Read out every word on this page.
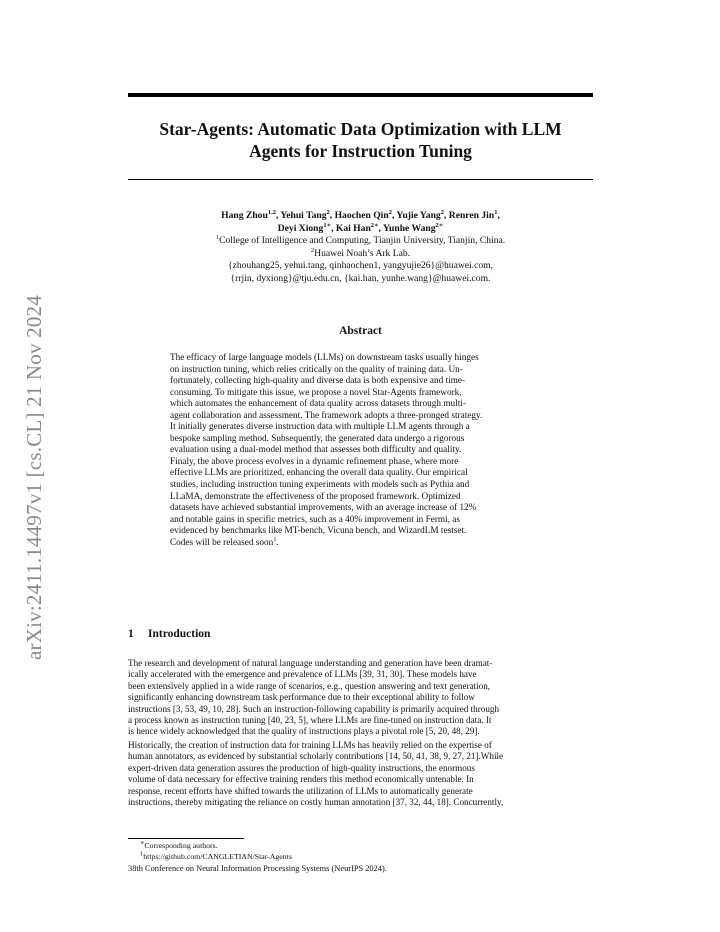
arXiv:2411.14497v1 [cs.CL] 21 Nov 2024
Star-Agents: Automatic Data Optimization with LLM
Agents for Instruction Tuning
Hang Zhou$^{1,2}$, Yehui Tang$^2$, Haochen Qin$^2$, Yujie Yang$^2$, Renren Jin$^1$,
Deyi Xiong$^{1∗}$, Kai Han$^{2∗}$, Yunhe Wang$^{2∗}$
$^1$College of Intelligence and Computing, Tianjin University, Tianjin, China.
$^2$Huawei Noah’s Ark Lab.
{zhouhang25, yehui.tang, qinhaochen1, yangyujie26}@huawei.com,
{rrjin, dyxiong}@tju.edu.cn, {kai.han, yunhe.wang}@huawei.com.
Abstract
The efficacy of large language models (LLMs) on downstream tasks usually hinges
on instruction tuning, which relies critically on the quality of training data. Un-
fortunately, collecting high-quality and diverse data is both expensive and time-
consuming. To mitigate this issue, we propose a novel Star-Agents framework,
which automates the enhancement of data quality across datasets through multi-
agent collaboration and assessment. The framework adopts a three-pronged strategy.
It initially generates diverse instruction data with multiple LLM agents through a
bespoke sampling method. Subsequently, the generated data undergo a rigorous
evaluation using a dual-model method that assesses both difficulty and quality.
Finaly, the above process evolves in a dynamic refinement phase, where more
effective LLMs are prioritized, enhancing the overall data quality. Our empirical
studies, including instruction tuning experiments with models such as Pythia and
LLaMA, demonstrate the effectiveness of the proposed framework. Optimized
datasets have achieved substantial improvements, with an average increase of 12%
and notable gains in specific metrics, such as a 40% improvement in Fermi, as
evidenced by benchmarks like MT-bench, Vicuna bench, and WizardLM testset.
Codes will be released soon$^1$.
1 Introduction
The research and development of natural language understanding and generation have been dramat-
ically accelerated with the emergence and prevalence of LLMs [39, 31, 30]. These models have
been extensively applied in a wide range of scenarios, e.g., question answering and text generation,
significantly enhancing downstream task performance due to their exceptional ability to follow
instructions [3, 53, 49, 10, 28]. Such an instruction-following capability is primarily acquired through
a process known as instruction tuning [40, 23, 5], where LLMs are fine-tuned on instruction data. It
is hence widely acknowledged that the quality of instructions plays a pivotal role [5, 20, 48, 29].
Historically, the creation of instruction data for training LLMs has heavily relied on the expertise of
human annotators, as evidenced by substantial scholarly contributions [14, 50, 41, 38, 9, 27, 21].While
expert-driven data generation assures the production of high-quality instructions, the enormous
volume of data necessary for effective training renders this method economically untenable. In
response, recent efforts have shifted towards the utilization of LLMs to automatically generate
instructions, thereby mitigating the reliance on costly human annotation [37, 32, 44, 18]. Concurrently,
∗Corresponding authors.
$^1$https://github.com/CANGLETIAN/Star-Agents
38th Conference on Neural Information Processing Systems (NeurIPS 2024).
